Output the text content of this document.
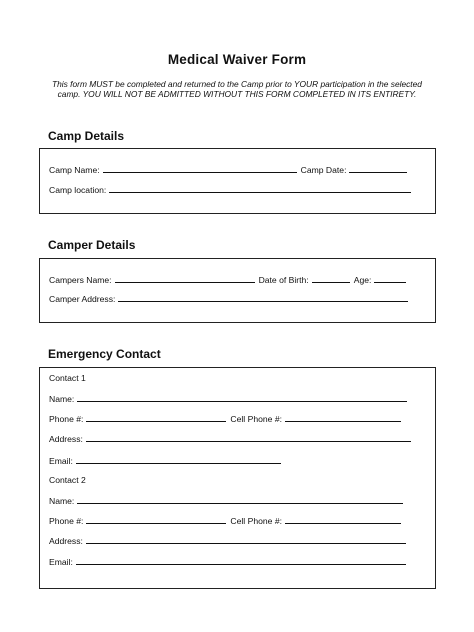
Medical Waiver Form
This form MUST be completed and returned to the Camp prior to YOUR participation in the selected camp. YOU WILL NOT BE ADMITTED WITHOUT THIS FORM COMPLETED IN ITS ENTIRETY.
Camp Details
Camp Name:	Camp Date:
Camp location:
Camper Details
Campers Name:	Date of Birth:	Age:
Camper Address:
Emergency Contact
Contact 1
Name:
Phone #:	Cell Phone #:
Address:
Email:
Contact 2
Name:
Phone #:	Cell Phone #:
Address:
Email:
